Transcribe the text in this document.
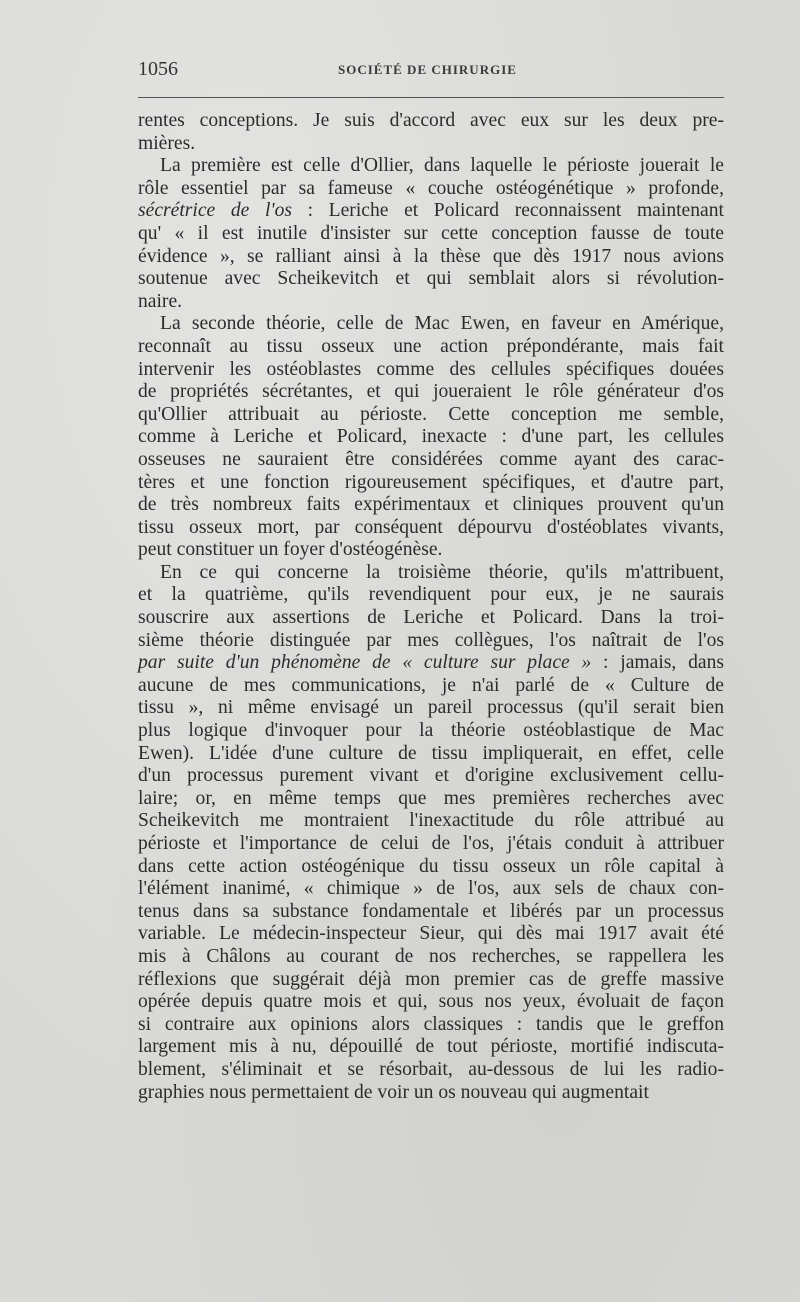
1056	SOCIÉTÉ DE CHIRURGIE

rentes conceptions. Je suis d'accord avec eux sur les deux pre-
mières.

La première est celle d'Ollier, dans laquelle le périoste jouerait le
rôle essentiel par sa fameuse « couche ostéogénétique » profonde,
sécrétrice de l'os : Leriche et Policard reconnaissent maintenant
qu' « il est inutile d'insister sur cette conception fausse de toute
évidence », se ralliant ainsi à la thèse que dès 1917 nous avions
soutenue avec Scheikevitch et qui semblait alors si révolution-
naire.

La seconde théorie, celle de Mac Ewen, en faveur en Amérique,
reconnaît au tissu osseux une action prépondérante, mais fait
intervenir les ostéoblastes comme des cellules spécifiques douées
de propriétés sécrétantes, et qui joueraient le rôle générateur d'os
qu'Ollier attribuait au périoste. Cette conception me semble,
comme à Leriche et Policard, inexacte : d'une part, les cellules
osseuses ne sauraient être considérées comme ayant des carac-
tères et une fonction rigoureusement spécifiques, et d'autre part,
de très nombreux faits expérimentaux et cliniques prouvent qu'un
tissu osseux mort, par conséquent dépourvu d'ostéoblates vivants,
peut constituer un foyer d'ostéogénèse.

En ce qui concerne la troisième théorie, qu'ils m'attribuent,
et la quatrième, qu'ils revendiquent pour eux, je ne saurais
souscrire aux assertions de Leriche et Policard. Dans la troi-
sième théorie distinguée par mes collègues, l'os naîtrait de l'os
par suite d'un phénomène de « culture sur place » : jamais, dans
aucune de mes communications, je n'ai parlé de « Culture de
tissu », ni même envisagé un pareil processus (qu'il serait bien
plus logique d'invoquer pour la théorie ostéoblastique de Mac
Ewen). L'idée d'une culture de tissu impliquerait, en effet, celle
d'un processus purement vivant et d'origine exclusivement cellu-
laire; or, en même temps que mes premières recherches avec
Scheikevitch me montraient l'inexactitude du rôle attribué au
périoste et l'importance de celui de l'os, j'étais conduit à attribuer
dans cette action ostéogénique du tissu osseux un rôle capital à
l'élément inanimé, « chimique » de l'os, aux sels de chaux con-
tenus dans sa substance fondamentale et libérés par un processus
variable. Le médecin-inspecteur Sieur, qui dès mai 1917 avait été
mis à Châlons au courant de nos recherches, se rappellera les
réflexions que suggérait déjà mon premier cas de greffe massive
opérée depuis quatre mois et qui, sous nos yeux, évoluait de façon
si contraire aux opinions alors classiques : tandis que le greffon
largement mis à nu, dépouillé de tout périoste, mortifié indiscuta-
blement, s'éliminait et se résorbait, au-dessous de lui les radio-
graphies nous permettaient de voir un os nouveau qui augmentait
